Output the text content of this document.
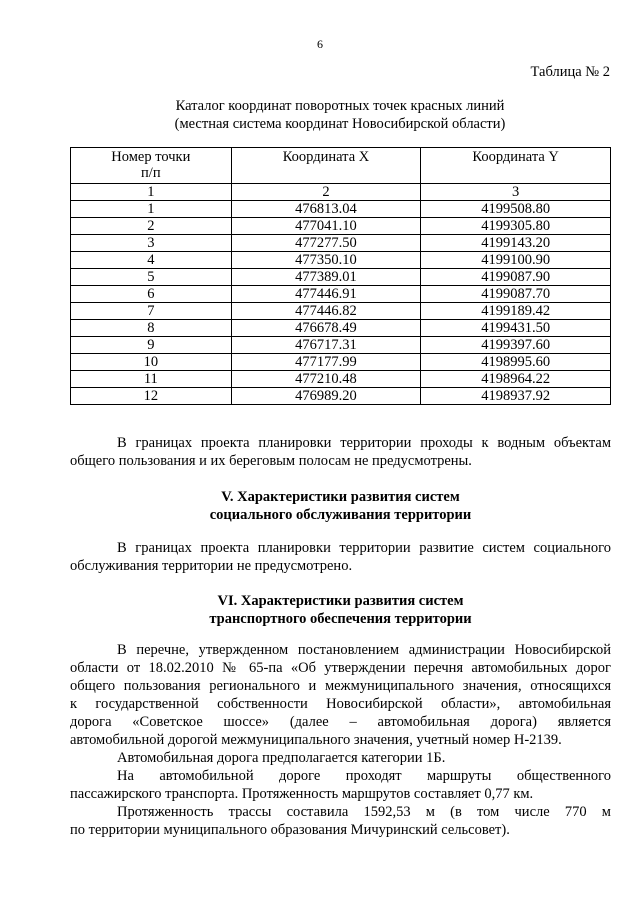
6
Таблица № 2
Каталог координат поворотных точек красных линий
(местная система координат Новосибирской области)
Номер точки
п/п	Координата X	Координата Y
1	2	3
1	476813.04	4199508.80
2	477041.10	4199305.80
3	477277.50	4199143.20
4	477350.10	4199100.90
5	477389.01	4199087.90
6	477446.91	4199087.70
7	477446.82	4199189.42
8	476678.49	4199431.50
9	476717.31	4199397.60
10	477177.99	4198995.60
11	477210.48	4198964.22
12	476989.20	4198937.92
В границах проекта планировки территории проходы к водным объектам
общего пользования и их береговым полосам не предусмотрены.
V. Характеристики развития систем
социального обслуживания территории
В границах проекта планировки территории развитие систем социального
обслуживания территории не предусмотрено.
VI. Характеристики развития систем
транспортного обеспечения территории
В перечне, утвержденном постановлением администрации Новосибирской
области от 18.02.2010 № 65-па «Об утверждении перечня автомобильных дорог
общего пользования регионального и межмуниципального значения, относящихся
к государственной собственности Новосибирской области», автомобильная
дорога «Советское шоссе» (далее – автомобильная дорога) является
автомобильной дорогой межмуниципального значения, учетный номер Н-2139.
Автомобильная дорога предполагается категории 1Б.
На автомобильной дороге проходят маршруты общественного
пассажирского транспорта. Протяженность маршрутов составляет 0,77 км.
Протяженность трассы составила 1592,53 м (в том числе 770 м
по территории муниципального образования Мичуринский сельсовет).
